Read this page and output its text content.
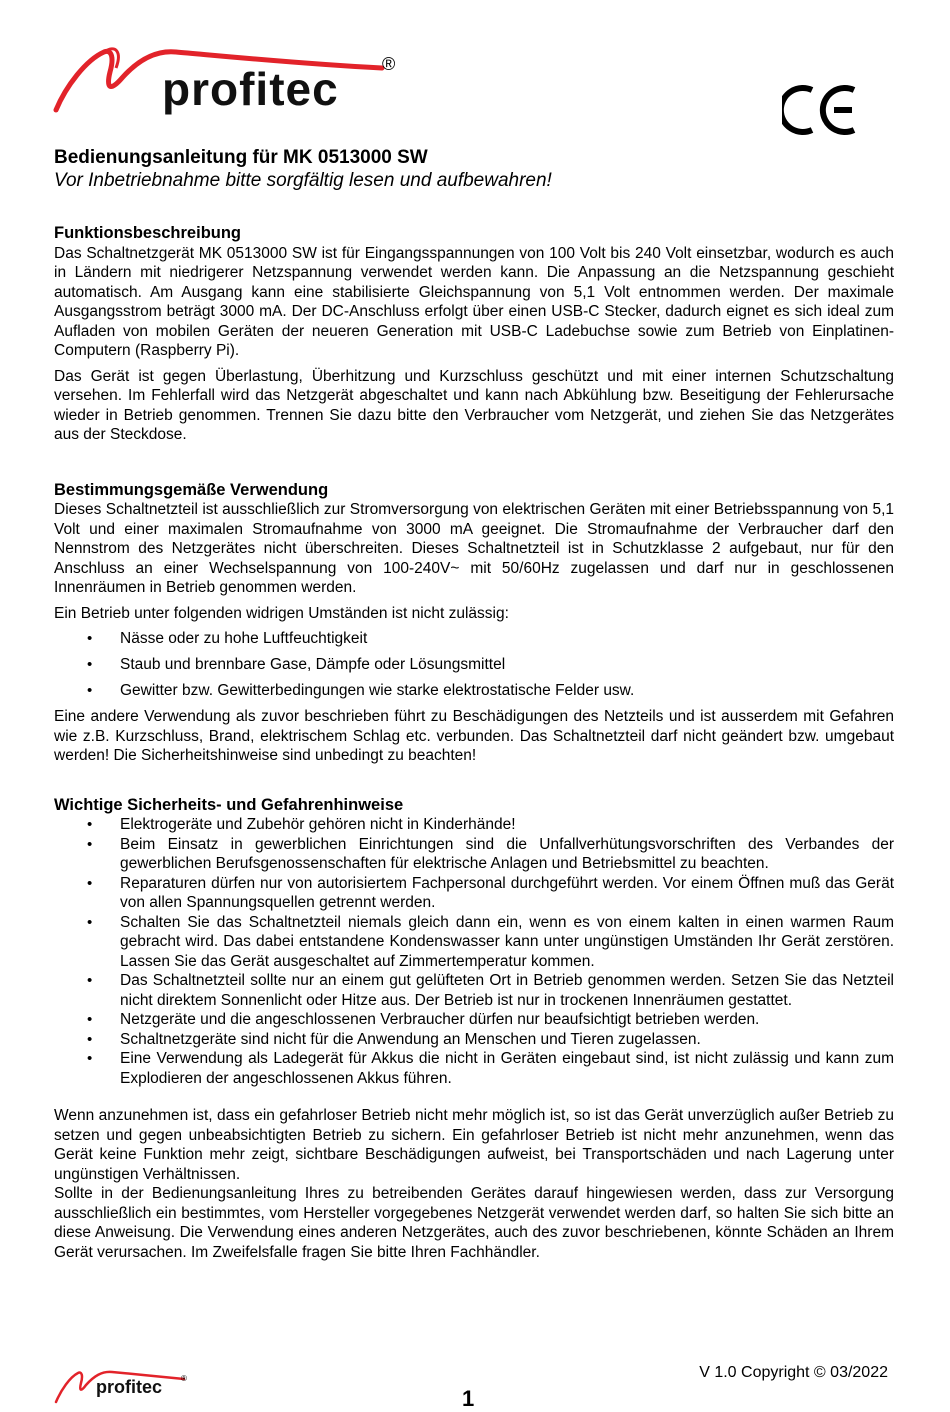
profitec ®
Bedienungsanleitung für MK 0513000 SW
Vor Inbetriebnahme bitte sorgfältig lesen und aufbewahren!
Funktionsbeschreibung

Das Schaltnetzgerät MK 0513000 SW ist für Eingangsspannungen von 100 Volt bis 240 Volt einsetzbar, wodurch es auch in Ländern mit niedrigerer Netzspannung verwendet werden kann. Die Anpassung an die Netzspannung geschieht automatisch. Am Ausgang kann eine stabilisierte Gleichspannung von 5,1 Volt entnommen werden. Der maximale Ausgangsstrom beträgt 3000 mA. Der DC-Anschluss erfolgt über einen USB-C Stecker, dadurch eignet es sich ideal zum Aufladen von mobilen Geräten der neueren Generation mit USB-C Ladebuchse sowie zum Betrieb von Einplatinen-Computern (Raspberry Pi).

Das Gerät ist gegen Überlastung, Überhitzung und Kurzschluss geschützt und mit einer internen Schutzschaltung versehen. Im Fehlerfall wird das Netzgerät abgeschaltet und kann nach Abkühlung bzw. Beseitigung der Fehlerursache wieder in Betrieb genommen. Trennen Sie dazu bitte den Verbraucher vom Netzgerät, und ziehen Sie das Netzgerätes aus der Steckdose.

Bestimmungsgemäße Verwendung

Dieses Schaltnetzteil ist ausschließlich zur Stromversorgung von elektrischen Geräten mit einer Betriebsspannung von 5,1 Volt und einer maximalen Stromaufnahme von 3000 mA geeignet. Die Stromaufnahme der Verbraucher darf den Nennstrom des Netzgerätes nicht überschreiten. Dieses Schaltnetzteil ist in Schutzklasse 2 aufgebaut, nur für den Anschluss an einer Wechselspannung von 100-240V~ mit 50/60Hz zugelassen und darf nur in geschlossenen Innenräumen in Betrieb genommen werden.

Ein Betrieb unter folgenden widrigen Umständen ist nicht zulässig:

• Nässe oder zu hohe Luftfeuchtigkeit
• Staub und brennbare Gase, Dämpfe oder Lösungsmittel
• Gewitter bzw. Gewitterbedingungen wie starke elektrostatische Felder usw.

Eine andere Verwendung als zuvor beschrieben führt zu Beschädigungen des Netzteils und ist ausserdem mit Gefahren wie z.B. Kurzschluss, Brand, elektrischem Schlag etc. verbunden. Das Schaltnetzteil darf nicht geändert bzw. umgebaut werden! Die Sicherheitshinweise sind unbedingt zu beachten!

Wichtige Sicherheits- und Gefahrenhinweise
• Elektrogeräte und Zubehör gehören nicht in Kinderhände!
• Beim Einsatz in gewerblichen Einrichtungen sind die Unfallverhütungsvorschriften des Verbandes der gewerblichen Berufsgenossenschaften für elektrische Anlagen und Betriebsmittel zu beachten.
• Reparaturen dürfen nur von autorisiertem Fachpersonal durchgeführt werden. Vor einem Öffnen muß das Gerät von allen Spannungsquellen getrennt werden.
• Schalten Sie das Schaltnetzteil niemals gleich dann ein, wenn es von einem kalten in einen warmen Raum gebracht wird. Das dabei entstandene Kondenswasser kann unter ungünstigen Umständen Ihr Gerät zerstören. Lassen Sie das Gerät ausgeschaltet auf Zimmertemperatur kommen.
• Das Schaltnetzteil sollte nur an einem gut gelüfteten Ort in Betrieb genommen werden. Setzen Sie das Netzteil nicht direktem Sonnenlicht oder Hitze aus. Der Betrieb ist nur in trockenen Innenräumen gestattet.
• Netzgeräte und die angeschlossenen Verbraucher dürfen nur beaufsichtigt betrieben werden.
• Schaltnetzgeräte sind nicht für die Anwendung an Menschen und Tieren zugelassen.
• Eine Verwendung als Ladegerät für Akkus die nicht in Geräten eingebaut sind, ist nicht zulässig und kann zum Explodieren der angeschlossenen Akkus führen.

Wenn anzunehmen ist, dass ein gefahrloser Betrieb nicht mehr möglich ist, so ist das Gerät unverzüglich außer Betrieb zu setzen und gegen unbeabsichtigten Betrieb zu sichern. Ein gefahrloser Betrieb ist nicht mehr anzunehmen, wenn das Gerät keine Funktion mehr zeigt, sichtbare Beschädigungen aufweist, bei Transportschäden und nach Lagerung unter ungünstigen Verhältnissen.

Sollte in der Bedienungsanleitung Ihres zu betreibenden Gerätes darauf hingewiesen werden, dass zur Versorgung ausschließlich ein bestimmtes, vom Hersteller vorgegebenes Netzgerät verwendet werden darf, so halten Sie sich bitte an diese Anweisung. Die Verwendung eines anderen Netzgerätes, auch des zuvor beschriebenen, könnte Schäden an Ihrem Gerät verursachen. Im Zweifelsfalle fragen Sie bitte Ihren Fachhändler.

profitec ®	V 1.0 Copyright © 03/2022
1
